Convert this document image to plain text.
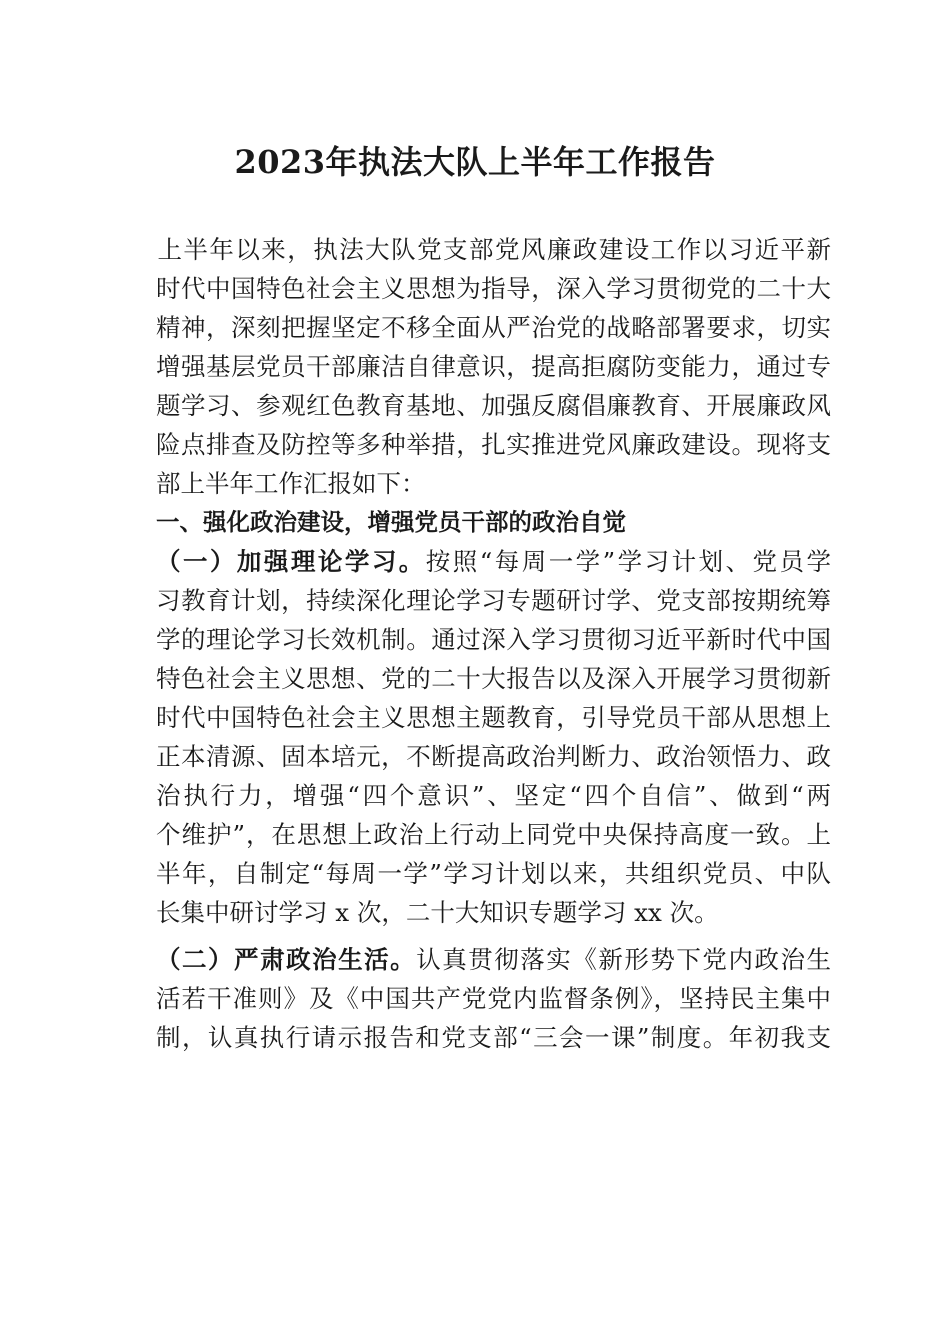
2023年执法大队上半年工作报告
上半年以来，执法大队党支部党风廉政建设工作以习近平新
时代中国特色社会主义思想为指导，深入学习贯彻党的二十大
精神，深刻把握坚定不移全面从严治党的战略部署要求，切实
增强基层党员干部廉洁自律意识，提高拒腐防变能力，通过专
题学习、参观红色教育基地、加强反腐倡廉教育、开展廉政风
险点排查及防控等多种举措，扎实推进党风廉政建设。现将支
部上半年工作汇报如下：
一、强化政治建设，增强党员干部的政治自觉
（一）加强理论学习。按照“每周一学”学习计划、党员学
习教育计划，持续深化理论学习专题研讨学、党支部按期统筹
学的理论学习长效机制。通过深入学习贯彻习近平新时代中国
特色社会主义思想、党的二十大报告以及深入开展学习贯彻新
时代中国特色社会主义思想主题教育，引导党员干部从思想上
正本清源、固本培元，不断提高政治判断力、政治领悟力、政
治执行力，增强“四个意识”、坚定“四个自信”、做到“两
个维护”，在思想上政治上行动上同党中央保持高度一致。上
半年，自制定“每周一学”学习计划以来，共组织党员、中队
长集中研讨学习 x 次，二十大知识专题学习 xx 次。
（二）严肃政治生活。认真贯彻落实《新形势下党内政治生
活若干准则》及《中国共产党党内监督条例》，坚持民主集中
制，认真执行请示报告和党支部“三会一课”制度。年初我支
